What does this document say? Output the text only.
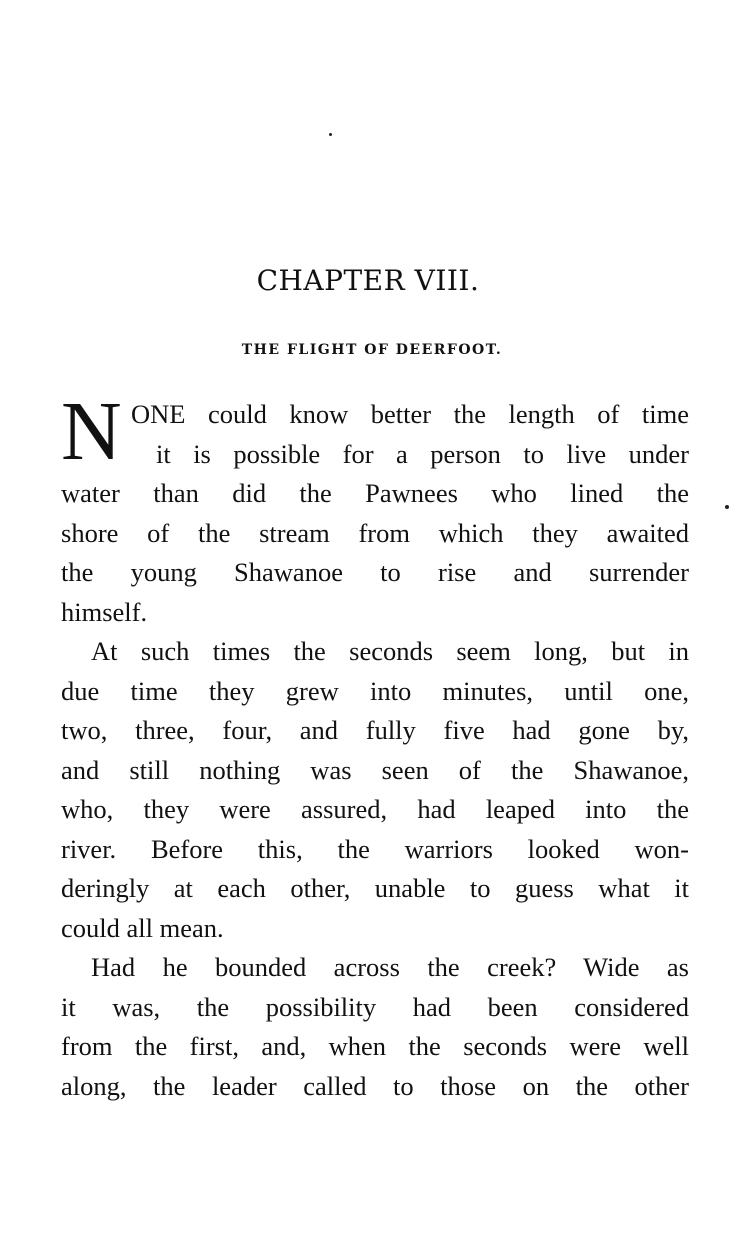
CHAPTER VIII.
THE FLIGHT OF DEERFOOT.
N ONE could know better the length of time
it is possible for a person to live under
water than did the Pawnees who lined the
shore of the stream from which they awaited
the young Shawanoe to rise and surrender
himself.
At such times the seconds seem long, but in
due time they grew into minutes, until one,
two, three, four, and fully five had gone by,
and still nothing was seen of the Shawanoe,
who, they were assured, had leaped into the
river. Before this, the warriors looked won-
deringly at each other, unable to guess what it
could all mean.
Had he bounded across the creek? Wide as
it was, the possibility had been considered
from the first, and, when the seconds were well
along, the leader called to those on the other
